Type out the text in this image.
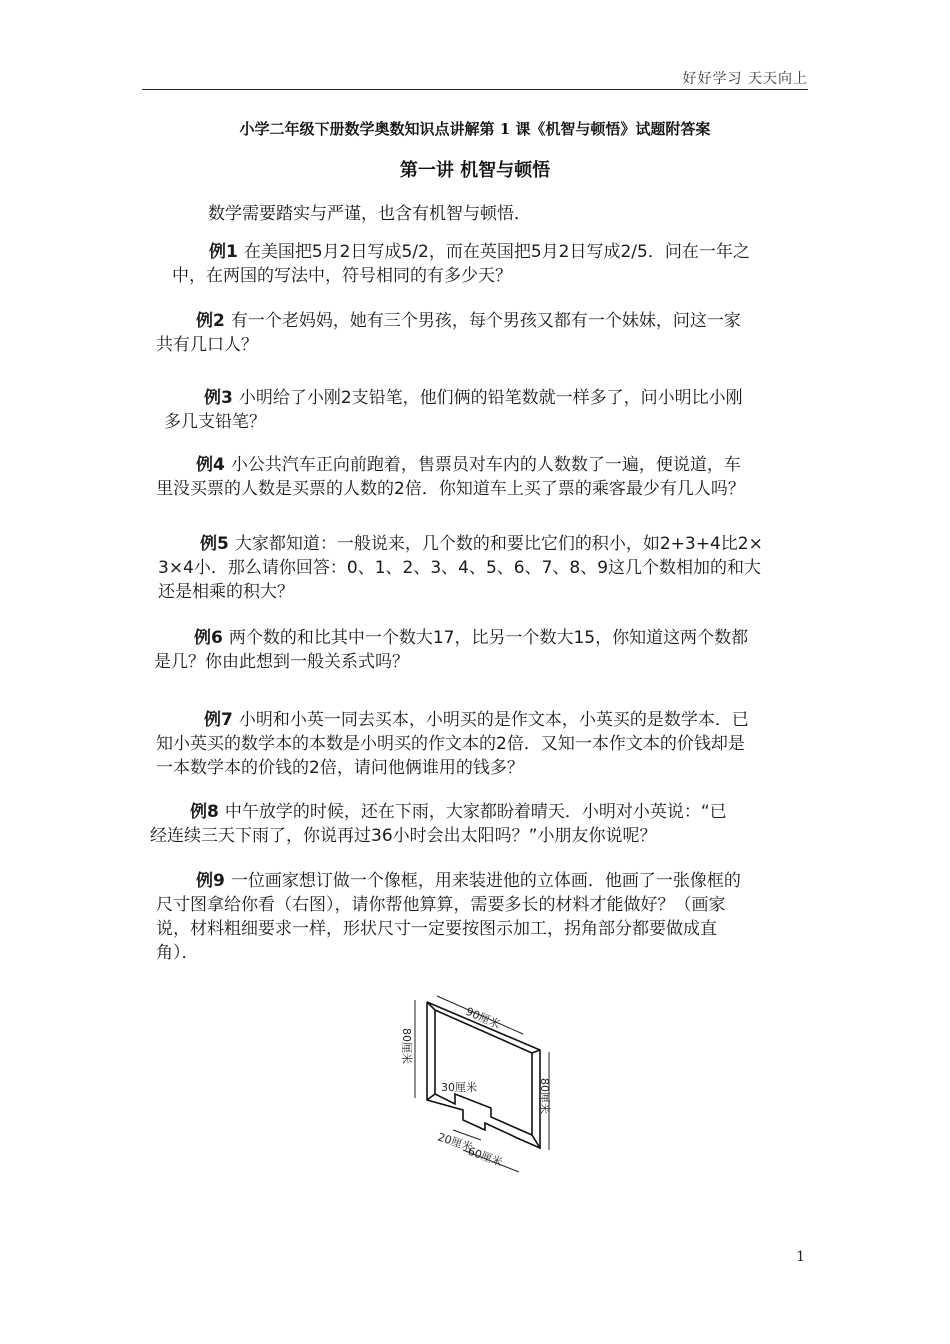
好好学习 天天向上
小学二年级下册数学奥数知识点讲解第 1 课《机智与顿悟》试题附答案
第一讲 机智与顿悟
数学需要踏实与严谨，也含有机智与顿悟．
例1 在美国把5月2日写成5/2，而在英国把5月2日写成2/5．问在一年之
中，在两国的写法中，符号相同的有多少天？
例2 有一个老妈妈，她有三个男孩，每个男孩又都有一个妹妹，问这一家
共有几口人？
例3 小明给了小刚2支铅笔，他们俩的铅笔数就一样多了，问小明比小刚
多几支铅笔？
例4 小公共汽车正向前跑着，售票员对车内的人数数了一遍，便说道，车
里没买票的人数是买票的人数的2倍．你知道车上买了票的乘客最少有几人吗？
例5 大家都知道：一般说来，几个数的和要比它们的积小，如2+3+4比2×
3×4小．那么请你回答：0、1、2、3、4、5、6、7、8、9这几个数相加的和大
还是相乘的积大？
例6 两个数的和比其中一个数大17，比另一个数大15，你知道这两个数都
是几？你由此想到一般关系式吗？
例7 小明和小英一同去买本，小明买的是作文本，小英买的是数学本．已
知小英买的数学本的本数是小明买的作文本的2倍．又知一本作文本的价钱却是
一本数学本的价钱的2倍，请问他俩谁用的钱多？
例8 中午放学的时候，还在下雨，大家都盼着晴天．小明对小英说：“已
经连续三天下雨了，你说再过36小时会出太阳吗？”小朋友你说呢？
例9 一位画家想订做一个像框，用来装进他的立体画．他画了一张像框的
尺寸图拿给你看（右图），请你帮他算算，需要多长的材料才能做好？（画家
说，材料粗细要求一样，形状尺寸一定要按图示加工，拐角部分都要做成直
角）．
90厘米
80厘米
80厘米
30厘米
20厘米
60厘米
1
